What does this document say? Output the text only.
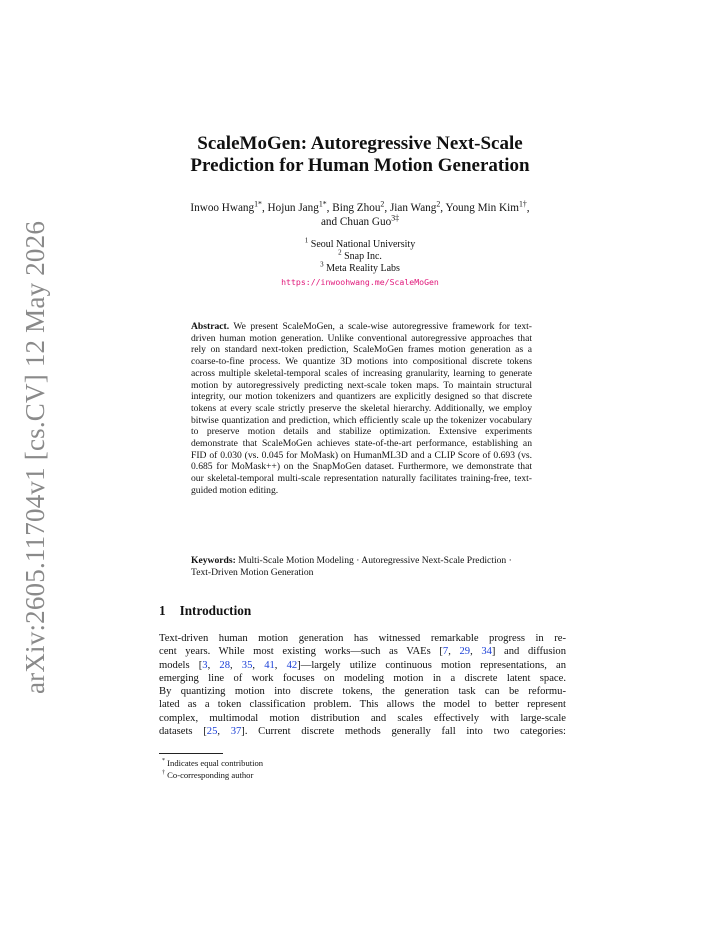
arXiv:2605.11704v1 [cs.CV] 12 May 2026
ScaleMoGen: Autoregressive Next-Scale
Prediction for Human Motion Generation
Inwoo Hwang$^{1*}$, Hojun Jang$^{1*}$, Bing Zhou$^2$, Jian Wang$^2$, Young Min Kim$^{1\dagger}$,
and Chuan Guo$^{3\ddagger}$
$^1$ Seoul National University
$^2$ Snap Inc.
$^3$ Meta Reality Labs
https://inwoohwang.me/ScaleMoGen
Abstract. We present ScaleMoGen, a scale-wise autoregressive framework for text-driven human motion generation. Unlike conventional autoregressive approaches that rely on standard next-token prediction, ScaleMoGen frames motion generation as a coarse-to-fine process. We quantize 3D motions into compositional discrete tokens across multiple skeletal-temporal scales of increasing granularity, learning to generate motion by autoregressively predicting next-scale token maps. To maintain structural integrity, our motion tokenizers and quantizers are explicitly designed so that discrete tokens at every scale strictly preserve the skeletal hierarchy. Additionally, we employ bitwise quantization and prediction, which efficiently scale up the tokenizer vocabulary to preserve motion details and stabilize optimization. Extensive experiments demonstrate that ScaleMoGen achieves state-of-the-art performance, establishing an FID of 0.030 (vs. 0.045 for MoMask) on HumanML3D and a CLIP Score of 0.693 (vs. 0.685 for MoMask++) on the SnapMoGen dataset. Furthermore, we demonstrate that our skeletal-temporal multi-scale representation naturally facilitates training-free, text-guided motion editing.
Keywords: Multi-Scale Motion Modeling · Autoregressive Next-Scale Prediction · Text-Driven Motion Generation
1 Introduction
Text-driven human motion generation has witnessed remarkable progress in re-
cent years. While most existing works—such as VAEs [7, 29, 34] and diffusion
models [3, 28, 35, 41, 42]—largely utilize continuous motion representations, an
emerging line of work focuses on modeling motion in a discrete latent space.
By quantizing motion into discrete tokens, the generation task can be reformu-
lated as a token classification problem. This allows the model to better represent
complex, multimodal motion distribution and scales effectively with large-scale
datasets [25, 37]. Current discrete methods generally fall into two categories:
* Indicates equal contribution
† Co-corresponding author
